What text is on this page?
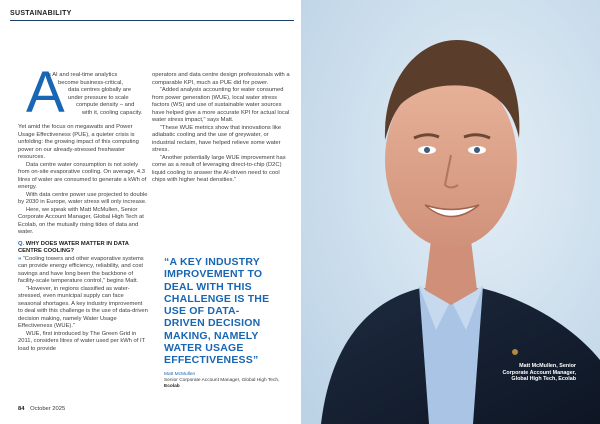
SUSTAINABILITY
A
s AI and real-time analytics
become business-critical,
data centres globally are
under pressure to scale
compute density – and
with it, cooling capacity.

Yet amid the focus on megawatts and Power Usage Effectiveness (PUE), a quieter crisis is unfolding: the growing impact of this computing power on our already-stressed freshwater resources.

Data centre water consumption is not solely from on-site evaporative cooling. On average, 4.3 litres of water are consumed to generate a kWh of energy.

With data centre power use projected to double by 2030 in Europe, water stress will only increase.

Here, we speak with Matt McMullen, Senior Corporate Account Manager, Global High Tech at Ecolab, on the mutually rising tides of data and water.

Q. WHY DOES WATER MATTER IN DATA CENTRE COOLING?

» “Cooling towers and other evaporative systems can provide energy efficiency, reliability, and cost savings and have long been the backbone of facility-scale temperature control,” begins Matt.

“However, in regions classified as water-stressed, even municipal supply can face seasonal shortages. A key industry improvement to deal with this challenge is the use of data-driven decision making, namely Water Usage Effectiveness (WUE).”

WUE, first introduced by The Green Grid in 2011, considers litres of water used per kWh of IT load to provide

operators and data centre design professionals with a comparable KPI, much as PUE did for power.

“Added analysis accounting for water consumed from power generation (WUE), local water stress factors (WS) and use of sustainable water sources have helped give a more accurate KPI for actual local water stress impact,” says Matt.

“These WUE metrics show that innovations like adiabatic cooling and the use of greywater, or industrial reclaim, have helped relieve some water stress.

“Another potentially large WUE improvement has come as a result of leveraging direct-to-chip (D2C) liquid cooling to answer the AI-driven need to cool chips with higher heat densities.”

“A KEY INDUSTRY IMPROVEMENT TO DEAL WITH THIS CHALLENGE IS THE USE OF DATA-DRIVEN DECISION MAKING, NAMELY WATER USAGE EFFECTIVENESS”
Matt McMullen
Senior Corporate Account Manager, Global High Tech,
Ecolab
84 October 2025
Matt McMullen, Senior Corporate Account Manager, Global High Tech, Ecolab
